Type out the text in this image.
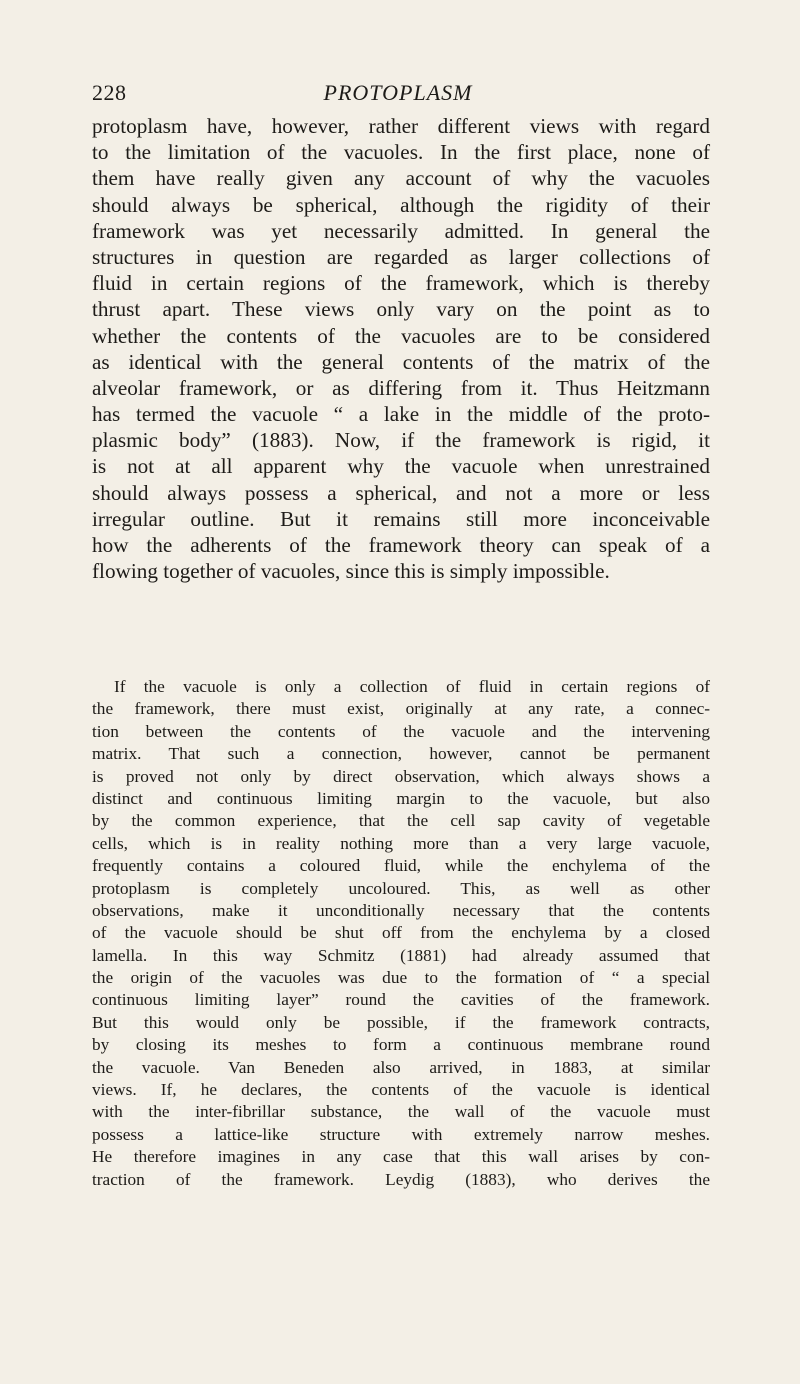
228	PROTOPLASM
protoplasm have, however, rather different views with regard
to the limitation of the vacuoles. In the first place, none of
them have really given any account of why the vacuoles
should always be spherical, although the rigidity of their
framework was yet necessarily admitted. In general the
structures in question are regarded as larger collections of
fluid in certain regions of the framework, which is thereby
thrust apart. These views only vary on the point as to
whether the contents of the vacuoles are to be considered
as identical with the general contents of the matrix of the
alveolar framework, or as differing from it. Thus Heitzmann
has termed the vacuole “ a lake in the middle of the proto-
plasmic body” (1883). Now, if the framework is rigid, it
is not at all apparent why the vacuole when unrestrained
should always possess a spherical, and not a more or less
irregular outline. But it remains still more inconceivable
how the adherents of the framework theory can speak of a
flowing together of vacuoles, since this is simply impossible.
If the vacuole is only a collection of fluid in certain regions of
the framework, there must exist, originally at any rate, a connec-
tion between the contents of the vacuole and the intervening
matrix. That such a connection, however, cannot be permanent
is proved not only by direct observation, which always shows a
distinct and continuous limiting margin to the vacuole, but also
by the common experience, that the cell sap cavity of vegetable
cells, which is in reality nothing more than a very large vacuole,
frequently contains a coloured fluid, while the enchylema of the
protoplasm is completely uncoloured. This, as well as other
observations, make it unconditionally necessary that the contents
of the vacuole should be shut off from the enchylema by a closed
lamella. In this way Schmitz (1881) had already assumed that
the origin of the vacuoles was due to the formation of “ a special
continuous limiting layer” round the cavities of the framework.
But this would only be possible, if the framework contracts,
by closing its meshes to form a continuous membrane round
the vacuole. Van Beneden also arrived, in 1883, at similar
views. If, he declares, the contents of the vacuole is identical
with the inter-fibrillar substance, the wall of the vacuole must
possess a lattice-like structure with extremely narrow meshes.
He therefore imagines in any case that this wall arises by con-
traction of the framework. Leydig (1883), who derives the
